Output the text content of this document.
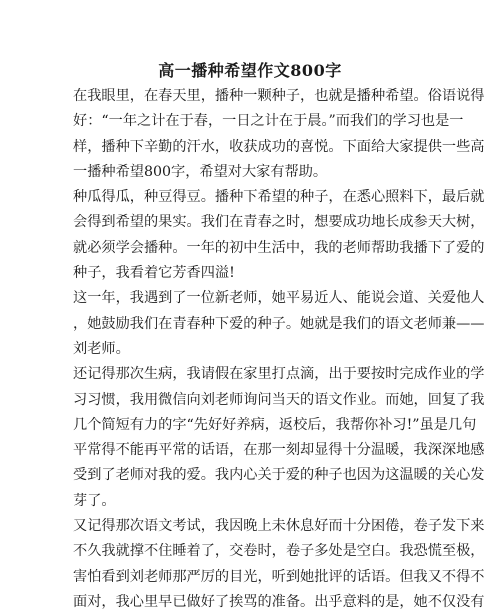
高一播种希望作文800字
在我眼里，在春天里，播种一颗种子，也就是播种希望。俗语说得
好：“一年之计在于春，一日之计在于晨。”而我们的学习也是一
样，播种下辛勤的汗水，收获成功的喜悦。下面给大家提供一些高
一播种希望800字，希望对大家有帮助。
种瓜得瓜，种豆得豆。播种下希望的种子，在悉心照料下，最后就
会得到希望的果实。我们在青春之时，想要成功地长成参天大树，
就必须学会播种。一年的初中生活中，我的老师帮助我播下了爱的
种子，我看着它芳香四溢!
这一年，我遇到了一位新老师，她平易近人、能说会道、关爱他人
，她鼓励我们在青春种下爱的种子。她就是我们的语文老师兼——
刘老师。
还记得那次生病，我请假在家里打点滴，出于要按时完成作业的学
习习惯，我用微信向刘老师询问当天的语文作业。而她，回复了我
几个简短有力的字“先好好养病，返校后，我帮你补习!”虽是几句
平常得不能再平常的话语，在那一刻却显得十分温暖，我深深地感
受到了老师对我的爱。我内心关于爱的种子也因为这温暖的关心发
芽了。
又记得那次语文考试，我因晚上未休息好而十分困倦，卷子发下来
不久我就撑不住睡着了，交卷时，卷子多处是空白。我恐慌至极，
害怕看到刘老师那严厉的目光，听到她批评的话语。但我又不得不
面对，我心里早已做好了挨骂的准备。出乎意料的是，她不仅没有
